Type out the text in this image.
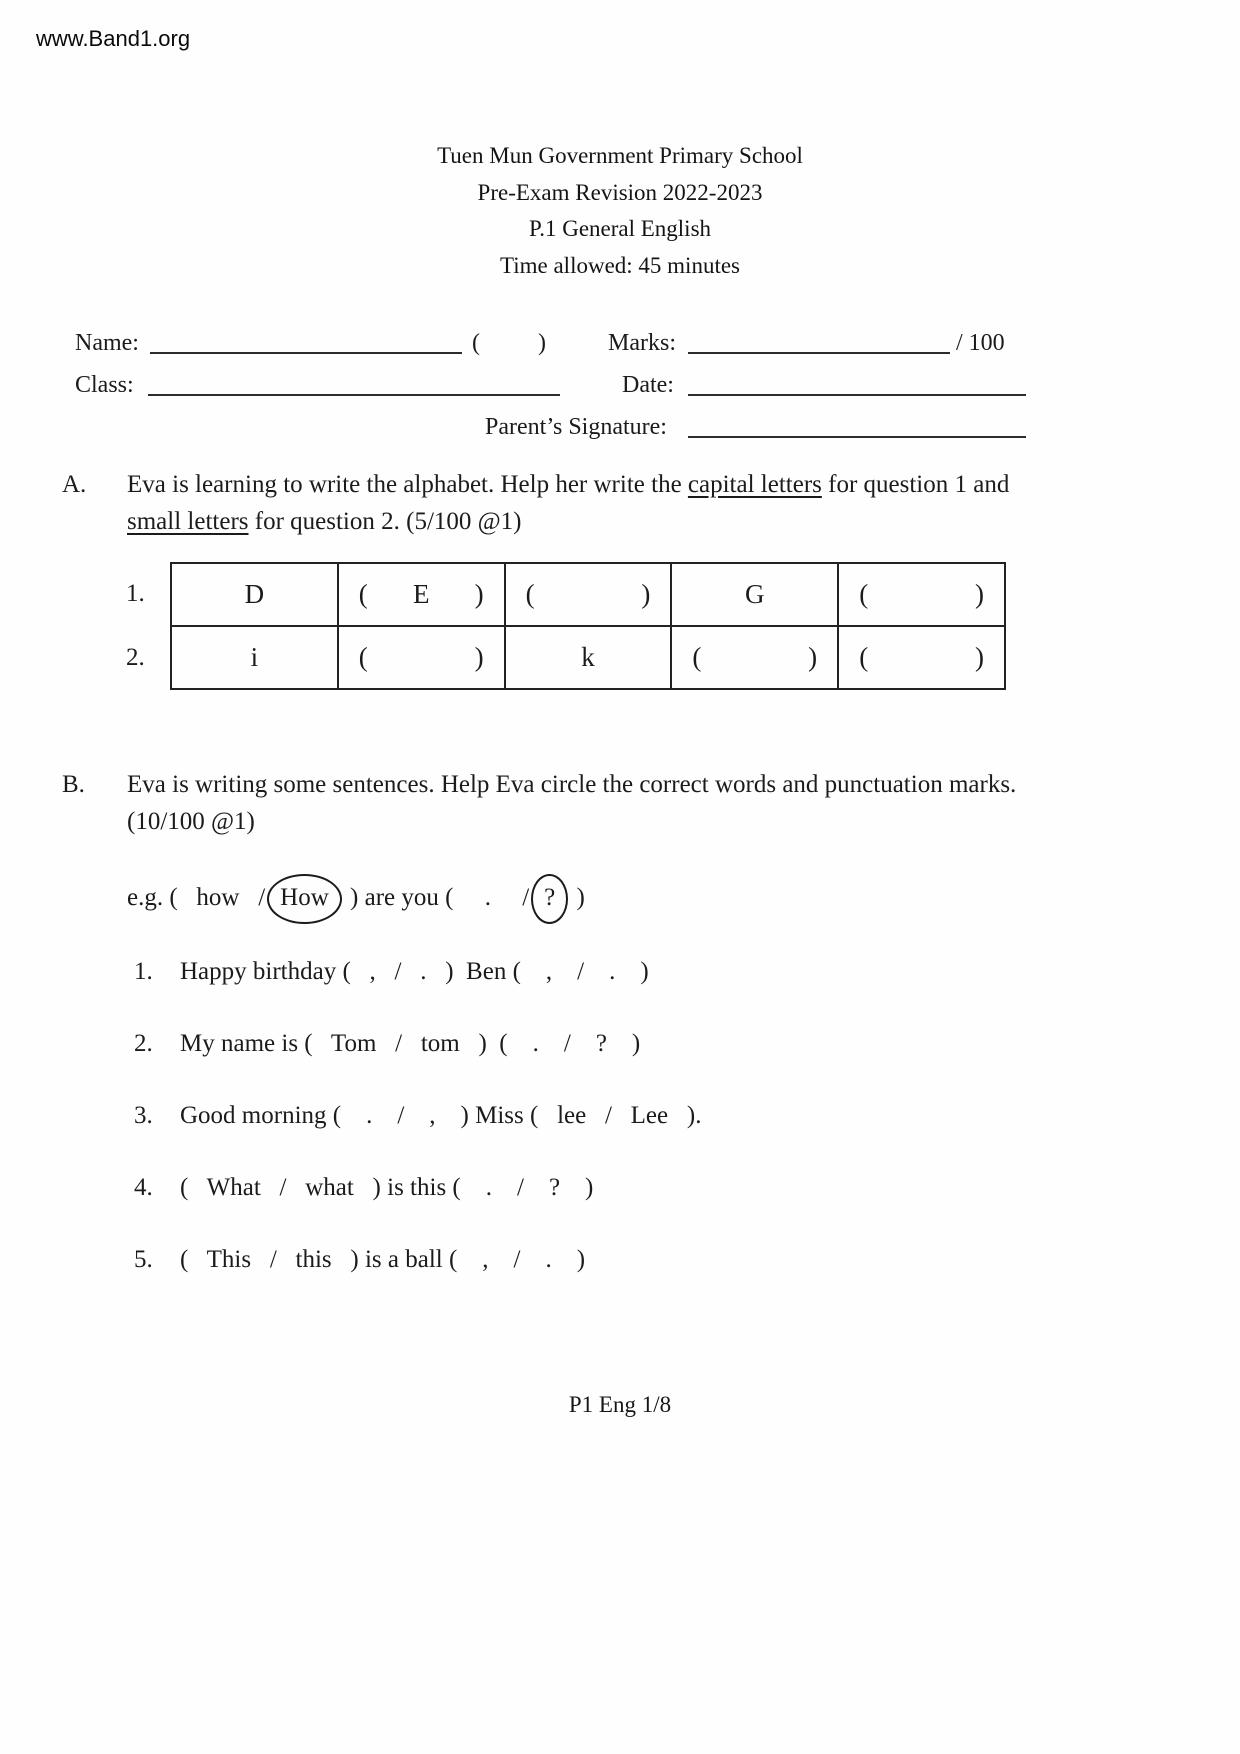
www.Band1.org
Tuen Mun Government Primary School
Pre-Exam Revision 2022-2023
P.1 General English
Time allowed: 45 minutes
Name:	( )	Marks:	/ 100
Class:	Date:
Parent’s Signature:
A.	Eva is learning to write the alphabet. Help her write the capital letters for question 1 and small letters for question 2. (5/100 @1)
1.
2.
D	( E )	( )	G	( )

i	( )	k	( )	( )
B.	Eva is writing some sentences. Help Eva circle the correct words and punctuation marks. (10/100 @1)
e.g. (   how   / How ) are you (     .     / ? )
1.	Happy birthday (   ,   /   .   )  Ben (    ,    /    .    )
2.	My name is (   Tom   /   tom   )  (    .    /    ?    )
3.	Good morning (    .    /    ,    ) Miss (   lee   /   Lee   ).
4.	(   What   /   what   ) is this (    .    /    ?    )
5.	(   This   /   this   ) is a ball (    ,    /    .    )
P1 Eng 1/8
